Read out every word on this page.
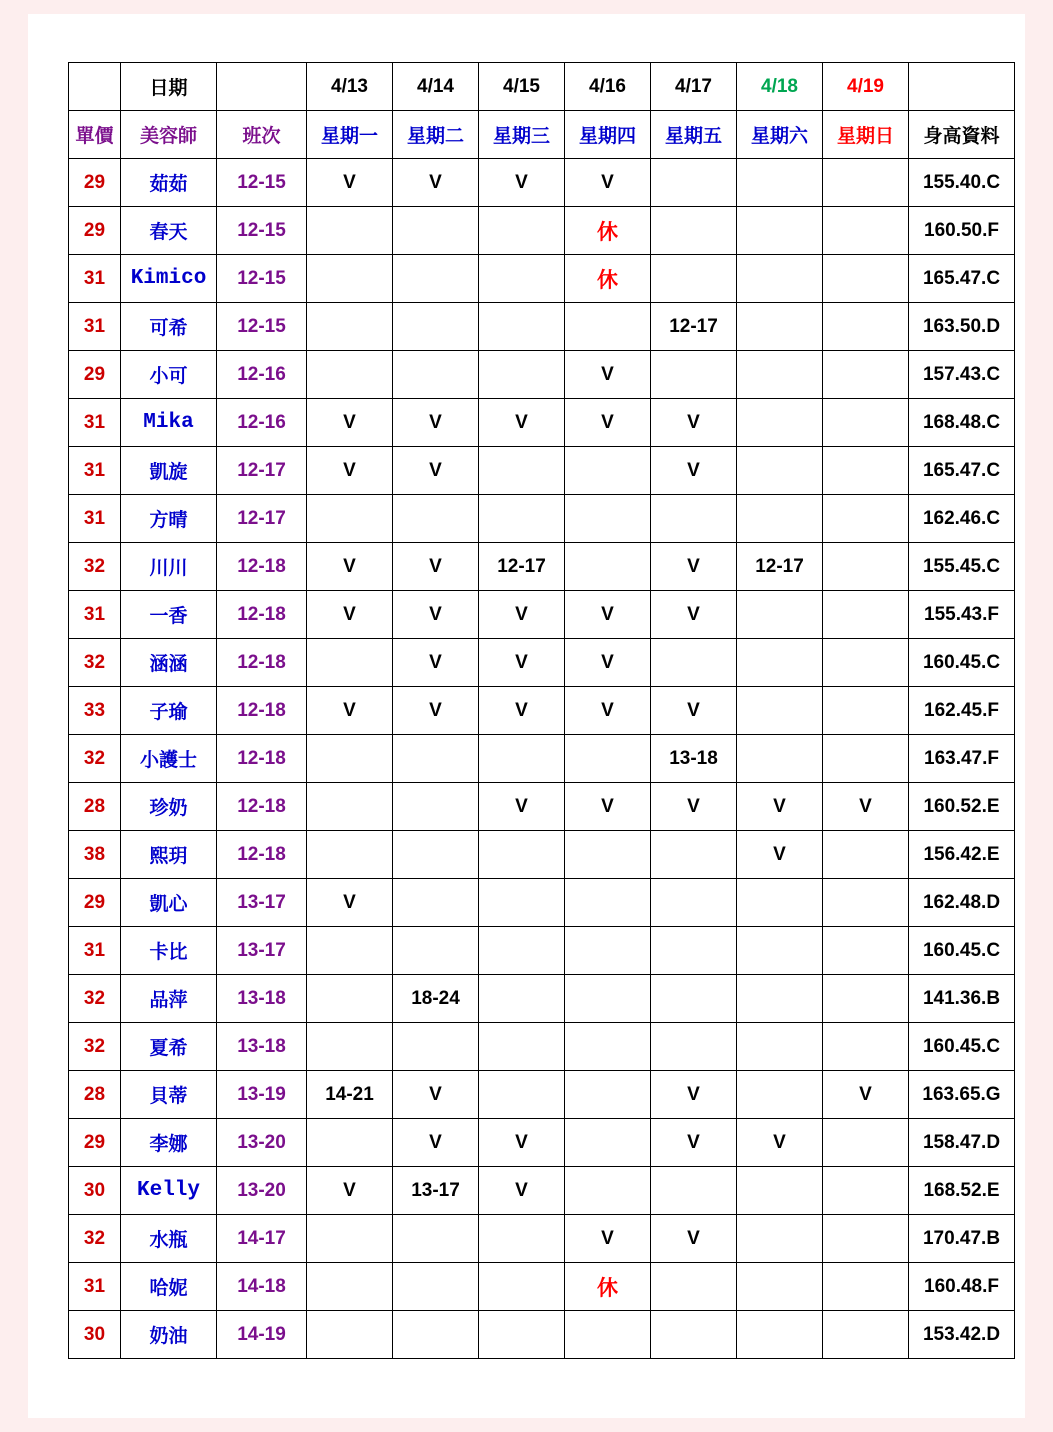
	日期		4/13	4/14	4/15	4/16	4/17	4/18	4/19	
單價	美容師	班次	星期一	星期二	星期三	星期四	星期五	星期六	星期日	身高資料
29	茹茹	12-15	V	V	V	V				155.40.C
29	春天	12-15				休				160.50.F
31	Kimico	12-15				休				165.47.C
31	可希	12-15					12-17			163.50.D
29	小可	12-16				V				157.43.C
31	Mika	12-16	V	V	V	V	V			168.48.C
31	凱旋	12-17	V	V			V			165.47.C
31	方晴	12-17								162.46.C
32	川川	12-18	V	V	12-17		V	12-17		155.45.C
31	一香	12-18	V	V	V	V	V			155.43.F
32	涵涵	12-18		V	V	V				160.45.C
33	子瑜	12-18	V	V	V	V	V			162.45.F
32	小護士	12-18					13-18			163.47.F
28	珍奶	12-18			V	V	V	V	V	160.52.E
38	熙玥	12-18						V		156.42.E
29	凱心	13-17	V							162.48.D
31	卡比	13-17								160.45.C
32	品萍	13-18		18-24						141.36.B
32	夏希	13-18								160.45.C
28	貝蒂	13-19	14-21	V			V		V	163.65.G
29	李娜	13-20		V	V		V	V		158.47.D
30	Kelly	13-20	V	13-17	V					168.52.E
32	水瓶	14-17				V	V			170.47.B
31	哈妮	14-18				休				160.48.F
30	奶油	14-19								153.42.D
